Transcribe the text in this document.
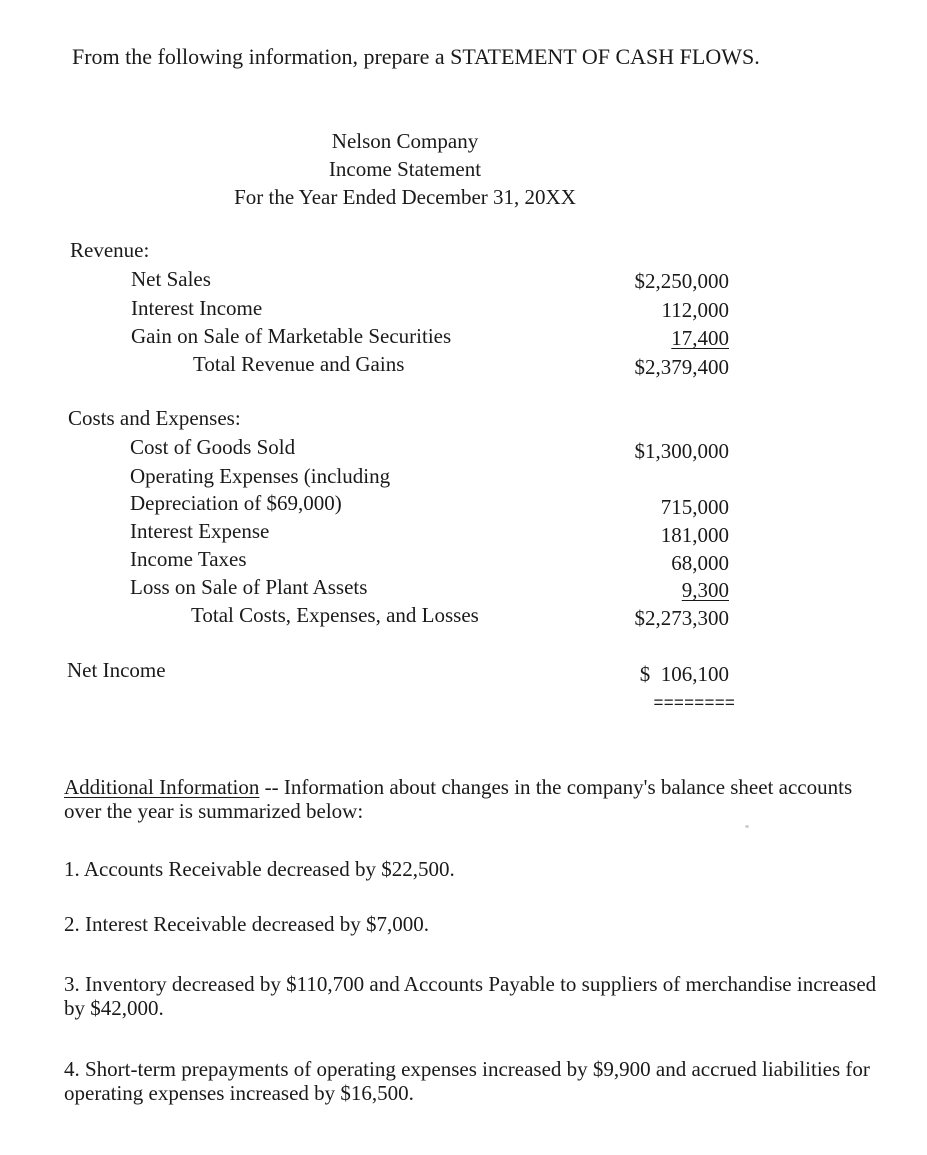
From the following information, prepare a STATEMENT OF CASH FLOWS.
Nelson Company
Income Statement
For the Year Ended December 31, 20XX
Revenue:
Net Sales	$2,250,000
Interest Income	112,000
Gain on Sale of Marketable Securities	17,400
Total Revenue and Gains	$2,379,400
Costs and Expenses:
Cost of Goods Sold	$1,300,000
Operating Expenses (including
Depreciation of $69,000)	715,000
Interest Expense	181,000
Income Taxes	68,000
Loss on Sale of Plant Assets	9,300
Total Costs, Expenses, and Losses	$2,273,300
Net Income	$  106,100
========
Additional Information -- Information about changes in the company's balance sheet accounts over the year is summarized below:
1. Accounts Receivable decreased by $22,500.
2. Interest Receivable decreased by $7,000.
3. Inventory decreased by $110,700 and Accounts Payable to suppliers of merchandise increased by $42,000.
4. Short-term prepayments of operating expenses increased by $9,900 and accrued liabilities for operating expenses increased by $16,500.
